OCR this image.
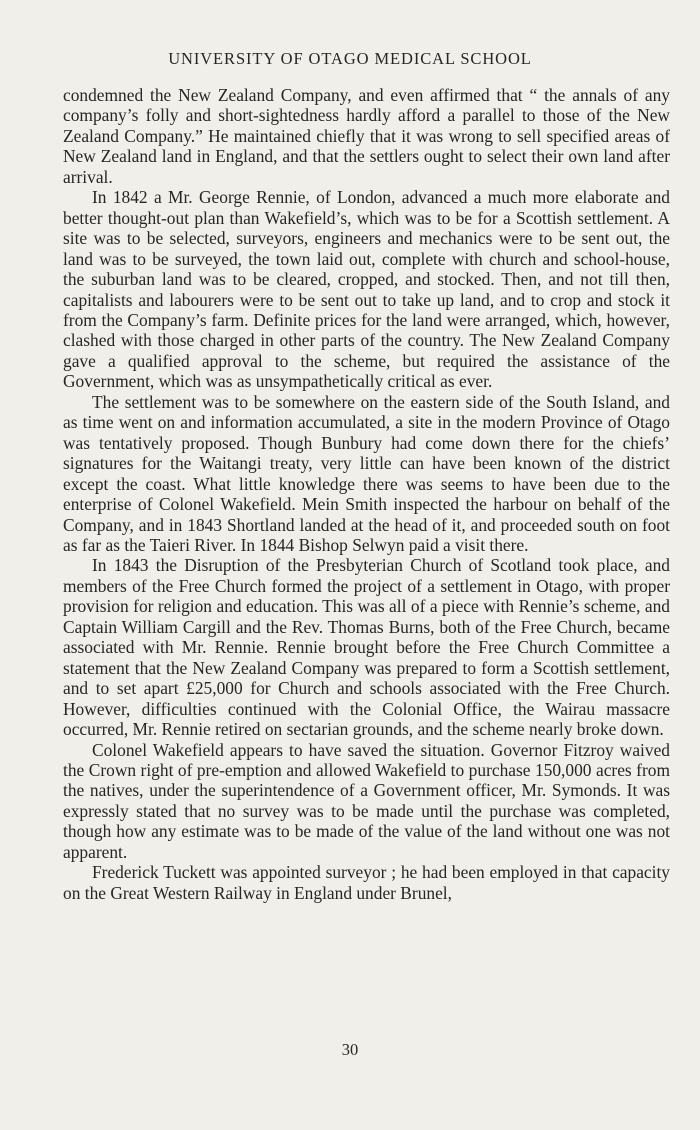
UNIVERSITY OF OTAGO MEDICAL SCHOOL

condemned the New Zealand Company, and even affirmed that “ the annals of any company’s folly and short-sightedness hardly afford a parallel to those of the New Zealand Company.” He maintained chiefly that it was wrong to sell specified areas of New Zealand land in England, and that the settlers ought to select their own land after arrival.

In 1842 a Mr. George Rennie, of London, advanced a much more elaborate and better thought-out plan than Wakefield’s, which was to be for a Scottish settlement. A site was to be selected, surveyors, engineers and mechanics were to be sent out, the land was to be surveyed, the town laid out, complete with church and school-house, the suburban land was to be cleared, cropped, and stocked. Then, and not till then, capitalists and labourers were to be sent out to take up land, and to crop and stock it from the Company’s farm. Definite prices for the land were arranged, which, however, clashed with those charged in other parts of the country. The New Zealand Company gave a qualified approval to the scheme, but required the assistance of the Government, which was as unsympathetically critical as ever.

The settlement was to be somewhere on the eastern side of the South Island, and as time went on and information accumulated, a site in the modern Province of Otago was tentatively proposed. Though Bunbury had come down there for the chiefs’ signatures for the Waitangi treaty, very little can have been known of the district except the coast. What little knowledge there was seems to have been due to the enterprise of Colonel Wakefield. Mein Smith inspected the harbour on behalf of the Company, and in 1843 Shortland landed at the head of it, and proceeded south on foot as far as the Taieri River. In 1844 Bishop Selwyn paid a visit there.

In 1843 the Disruption of the Presbyterian Church of Scotland took place, and members of the Free Church formed the project of a settlement in Otago, with proper provision for religion and education. This was all of a piece with Rennie’s scheme, and Captain William Cargill and the Rev. Thomas Burns, both of the Free Church, became associated with Mr. Rennie. Rennie brought before the Free Church Committee a statement that the New Zealand Company was prepared to form a Scottish settlement, and to set apart £25,000 for Church and schools associated with the Free Church. However, difficulties continued with the Colonial Office, the Wairau massacre occurred, Mr. Rennie retired on sectarian grounds, and the scheme nearly broke down.

Colonel Wakefield appears to have saved the situation. Governor Fitzroy waived the Crown right of pre-emption and allowed Wakefield to purchase 150,000 acres from the natives, under the superintendence of a Government officer, Mr. Symonds. It was expressly stated that no survey was to be made until the purchase was completed, though how any estimate was to be made of the value of the land without one was not apparent.

Frederick Tuckett was appointed surveyor ; he had been employed in that capacity on the Great Western Railway in England under Brunel,

30
